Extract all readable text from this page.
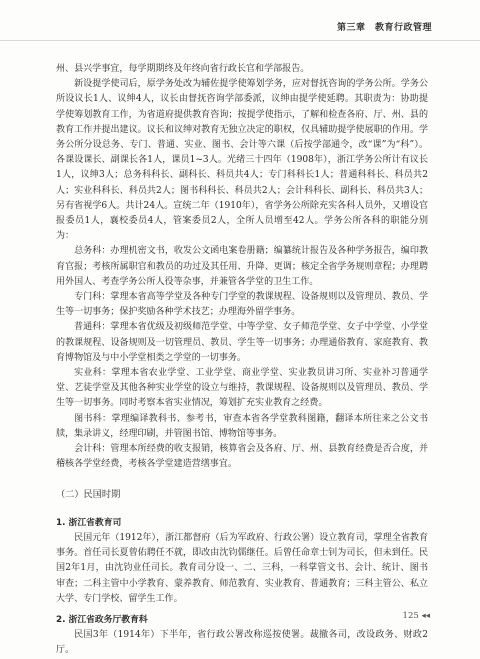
第三章　教育行政管理

州、县兴学事宜，每学期期终及年终向省行政长官和学部报告。

新设提学使司后，原学务处改为辅佐提学使筹划学务，应对督抚咨询的学务公所。学务公所设议长1人、议绅4人，议长由督抚咨询学部委派，议绅由提学使延聘。其职责为：协助提学使筹划教育工作，为省道府提供教育咨询；按提学使指示，了解和检查各府、厅、州、县的教育工作并提出建议。议长和议绅对教育无独立决定的职权，仅具辅助提学使展职的作用。学务公所分设总务、专门、普通、实业、图书、会计等六课（后按学部通令，改“课”为“科”）。各课设课长、副课长各1人，课员1~3人。光绪三十四年（1908年），浙江学务公所计有议长1人，议绅3人；总务科科长、副科长、科员共4人；专门科科长1人；普通科科长、科员共2人；实业科科长、科员共2人；图书科科长、科员共2人；会计科科长、副科长、科员共3人；另有省视学6人。共计24人。宣统二年（1910年），省学务公所除充实各科人员外，又增设官报委员1人，襄校委员4人，管案委员2人，全所人员增至42人。学务公所各科的职能分别为：

总务科：办理机密文书，收发公文函电案卷册籍；编纂统计报告及各种学务报告，编印教育官报；考核所属职官和教员的功过及其任用、升降、更调；核定全省学务规则章程；办理聘用外国人、考查学务公所人役等杂事，并兼管各学堂的卫生工作。

专门科：掌理本省高等学堂及各种专门学堂的教课规程、设备规则以及管理员、教员、学生等一切事务；保护奖励各种学术技艺；办理海外留学事务。

普通科：掌理本省优级及初级师范学堂、中等学堂、女子师范学堂、女子中学堂、小学堂的教课规程、设备规则及一切管理员、教员、学生等一切事务；办理通俗教育、家庭教育、教育博物馆及与中小学堂相类之学堂的一切事务。

实业科：掌理本省农业学堂、工业学堂、商业学堂、实业教员讲习所、实业补习普通学堂、艺徒学堂及其他各种实业学堂的设立与维持，教课规程、设备规则以及管理员、教员、学生等一切事务。同时考察本省实业情况，筹划扩充实业教育之经费。

图书科：掌理编译教科书、参考书，审查本省各学堂教科图籍，翻译本所往来之公文书牍，集录讲义，经理印刷，并管图书馆、博物馆等事务。

会计科：管理本所经费的收支报销，核算省会及各府、厅、州、县教育经费是否合度，并稽核各学堂经费，考核各学堂建造营缮事宜。

（二）民国时期

1. 浙江省教育司

民国元年（1912年），浙江都督府（后为军政府、行政公署）设立教育司，掌理全省教育事务。首任司长夏曾佑聘任不就，即改由沈钧儒继任。后曾任命章士钊为司长，但未到任。民国2年1月，由沈钧业任司长。教育司分设一、二、三科，一科掌管文书、会计、统计、图书审查；二科主管中小学教育、蒙养教育、师范教育、实业教育、普通教育；三科主管公、私立大学、专门学校、留学生工作。

2. 浙江省政务厅教育科

民国3年（1914年）下半年，省行政公署改称巡按使署。裁撤各司，改设政务、财政2厅。

125 ◂◂
